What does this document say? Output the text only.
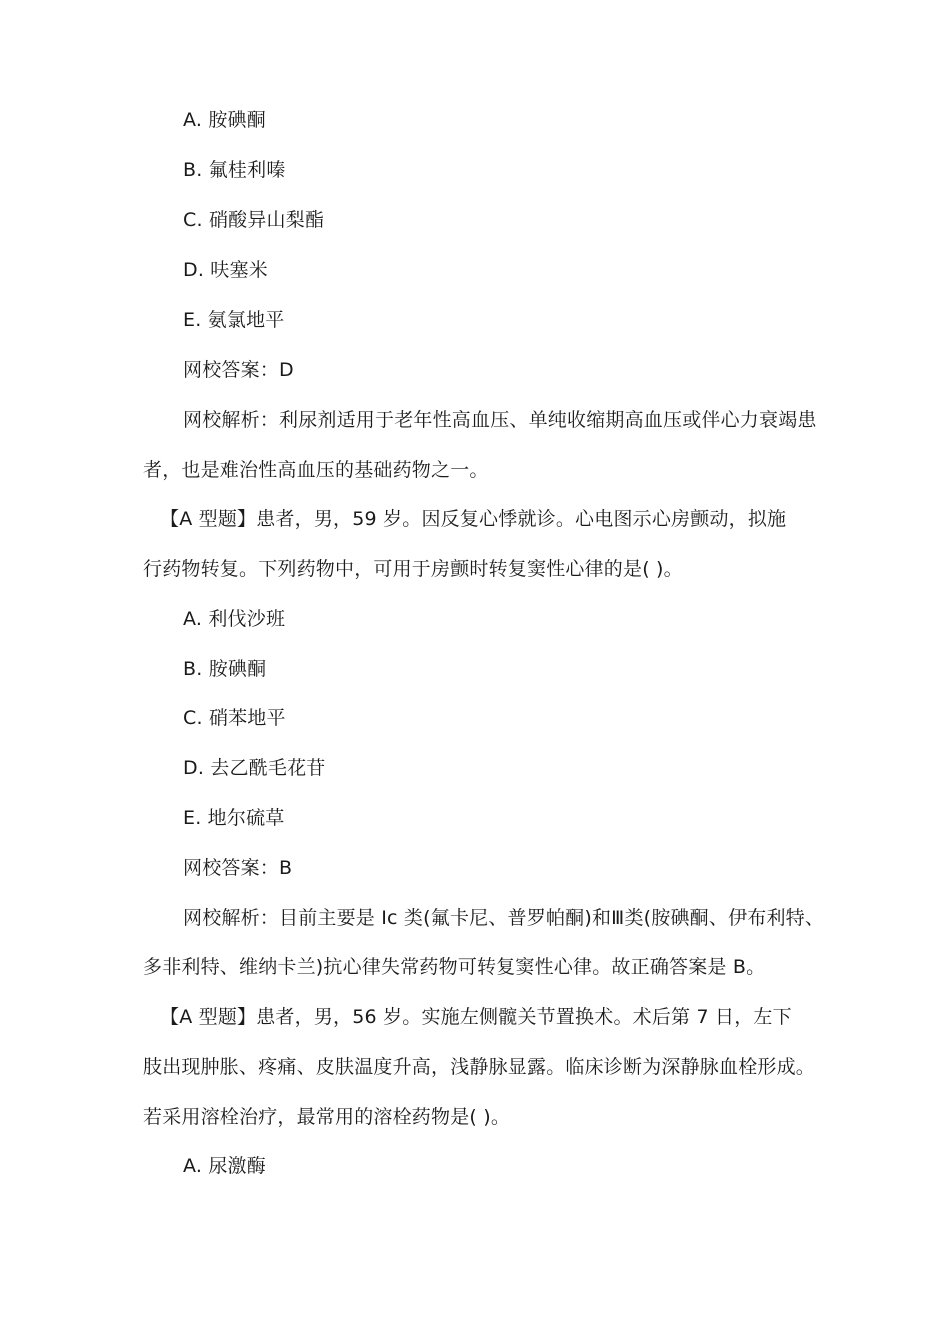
A. 胺碘酮
B. 氟桂利嗪
C. 硝酸异山梨酯
D. 呋塞米
E. 氨氯地平
网校答案：D
网校解析：利尿剂适用于老年性高血压、单纯收缩期高血压或伴心力衰竭患
者，也是难治性高血压的基础药物之一。
【A 型题】患者，男，59 岁。因反复心悸就诊。心电图示心房颤动，拟施
行药物转复。下列药物中，可用于房颤时转复窦性心律的是( )。
A. 利伐沙班
B. 胺碘酮
C. 硝苯地平
D. 去乙酰毛花苷
E. 地尔硫草
网校答案：B
网校解析：目前主要是 Ic 类(氟卡尼、普罗帕酮)和Ⅲ类(胺碘酮、伊布利特、
多非利特、维纳卡兰)抗心律失常药物可转复窦性心律。故正确答案是 B。
【A 型题】患者，男，56 岁。实施左侧髋关节置换术。术后第 7 日，左下
肢出现肿胀、疼痛、皮肤温度升高，浅静脉显露。临床诊断为深静脉血栓形成。
若采用溶栓治疗，最常用的溶栓药物是( )。
A. 尿激酶
